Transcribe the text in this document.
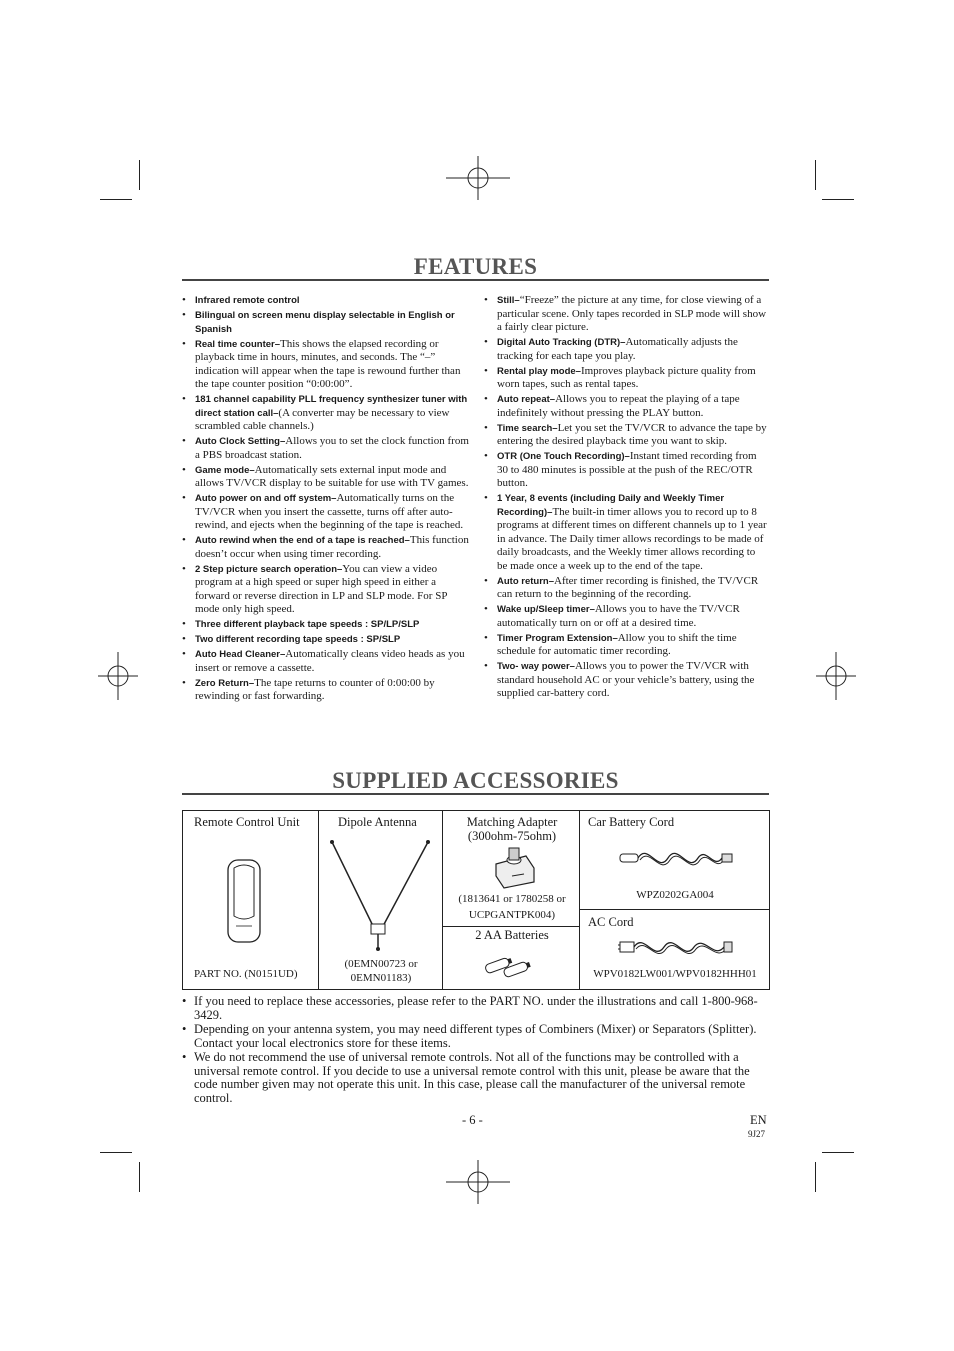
FEATURES
• Infrared remote control
• Bilingual on screen menu display selectable in English or Spanish
• Real time counter–This shows the elapsed recording or playback time in hours, minutes, and seconds. The “–” indication will appear when the tape is rewound further than the tape counter position “0:00:00”.
• 181 channel capability PLL frequency synthesizer tuner with direct station call–(A converter may be necessary to view scrambled cable channels.)
• Auto Clock Setting–Allows you to set the clock function from a PBS broadcast station.
• Game mode–Automatically sets external input mode and allows TV/VCR display to be suitable for use with TV games.
• Auto power on and off system–Automatically turns on the TV/VCR when you insert the cassette, turns off after auto-rewind, and ejects when the beginning of the tape is reached.
• Auto rewind when the end of a tape is reached–This function doesn’t occur when using timer recording.
• 2 Step picture search operation–You can view a video program at a high speed or super high speed in either a forward or reverse direction in LP and SLP mode. For SP mode only high speed.
• Three different playback tape speeds : SP/LP/SLP
• Two different recording tape speeds : SP/SLP
• Auto Head Cleaner–Automatically cleans video heads as you insert or remove a cassette.
• Zero Return–The tape returns to counter of 0:00:00 by rewinding or fast forwarding.
• Still–“Freeze” the picture at any time, for close viewing of a particular scene. Only tapes recorded in SLP mode will show a fairly clear picture.
• Digital Auto Tracking (DTR)–Automatically adjusts the tracking for each tape you play.
• Rental play mode–Improves playback picture quality from worn tapes, such as rental tapes.
• Auto repeat–Allows you to repeat the playing of a tape indefinitely without pressing the PLAY button.
• Time search–Let you set the TV/VCR to advance the tape by entering the desired playback time you want to skip.
• OTR (One Touch Recording)–Instant timed recording from 30 to 480 minutes is possible at the push of the REC/OTR button.
• 1 Year, 8 events (including Daily and Weekly Timer Recording)–The built-in timer allows you to record up to 8 programs at different times on different channels up to 1 year in advance. The Daily timer allows recordings to be made of daily broadcasts, and the Weekly timer allows recording to be made once a week up to the end of the tape.
• Auto return–After timer recording is finished, the TV/VCR can return to the beginning of the recording.
• Wake up/Sleep timer–Allows you to have the TV/VCR automatically turn on or off at a desired time.
• Timer Program Extension–Allow you to shift the time schedule for automatic timer recording.
• Two- way power–Allows you to power the TV/VCR with standard household AC or your vehicle’s battery, using the supplied car-battery cord.
SUPPLIED ACCESSORIES
Remote Control Unit
PART NO. (N0151UD)
Dipole Antenna
(0EMN00723 or 0EMN01183)
Matching Adapter (300ohm-75ohm)
(1813641 or 1780258 or UCPGANTPK004)
2 AA Batteries
Car Battery Cord
WPZ0202GA004
AC Cord
WPV0182LW001/WPV0182HHH01
• If you need to replace these accessories, please refer to the PART NO. under the illustrations and call 1-800-968-3429.
• Depending on your antenna system, you may need different types of Combiners (Mixer) or Separators (Splitter). Contact your local electronics store for these items.
• We do not recommend the use of universal remote controls. Not all of the functions may be controlled with a universal remote control. If you decide to use a universal remote control with this unit, please be aware that the code number given may not operate this unit. In this case, please call the manufacturer of the universal remote control.
- 6 -	EN
9J27
